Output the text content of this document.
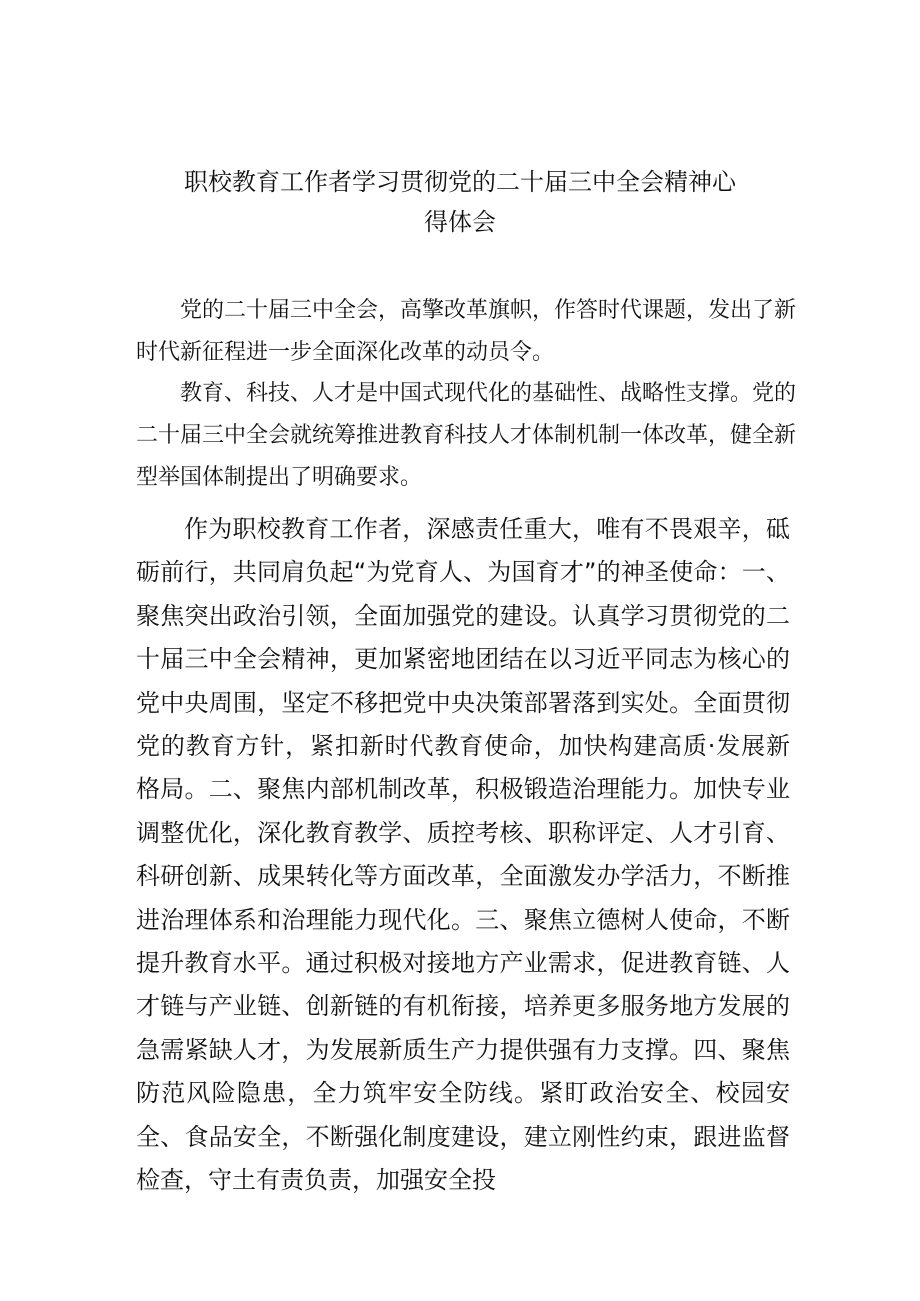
职校教育工作者学习贯彻党的二十届三中全会精神心
得体会

党的二十届三中全会，高擎改革旗帜，作答时代课题，发出了新时代新征程进一步全面深化改革的动员令。

教育、科技、人才是中国式现代化的基础性、战略性支撑。党的二十届三中全会就统筹推进教育科技人才体制机制一体改革，健全新型举国体制提出了明确要求。

作为职校教育工作者，深感责任重大，唯有不畏艰辛，砥砺前行，共同肩负起“为党育人、为国育才”的神圣使命：一、聚焦突出政治引领，全面加强党的建设。认真学习贯彻党的二十届三中全会精神，更加紧密地团结在以习近平同志为核心的党中央周围，坚定不移把党中央决策部署落到实处。全面贯彻党的教育方针，紧扣新时代教育使命，加快构建高质·发展新格局。二、聚焦内部机制改革，积极锻造治理能力。加快专业调整优化，深化教育教学、质控考核、职称评定、人才引育、科研创新、成果转化等方面改革，全面激发办学活力，不断推进治理体系和治理能力现代化。三、聚焦立德树人使命，不断提升教育水平。通过积极对接地方产业需求，促进教育链、人才链与产业链、创新链的有机衔接，培养更多服务地方发展的急需紧缺人才，为发展新质生产力提供强有力支撑。四、聚焦防范风险隐患，全力筑牢安全防线。紧盯政治安全、校园安全、食品安全，不断强化制度建设，建立刚性约束，跟进监督检查，守土有责负责，加强安全投
